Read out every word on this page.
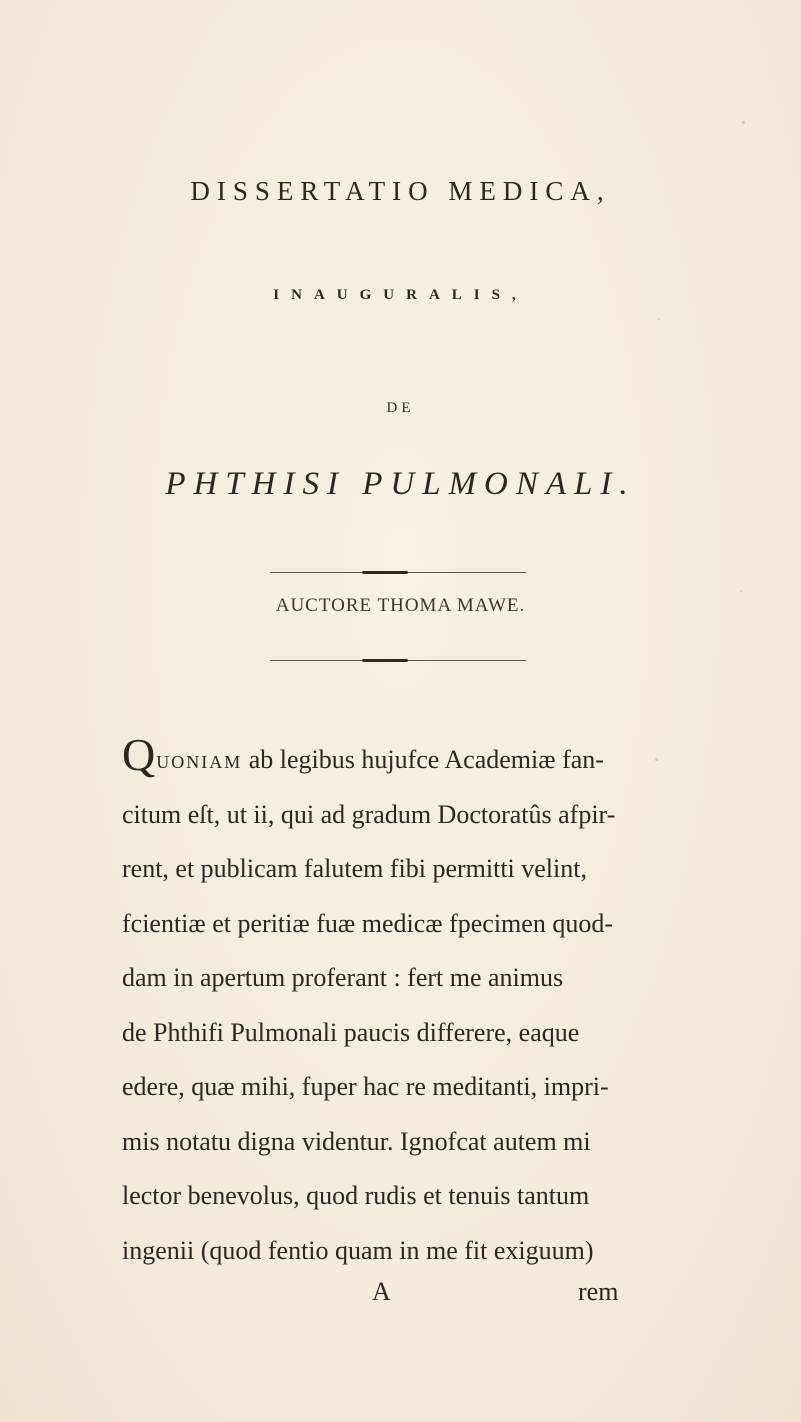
DISSERTATIO MEDICA,
INAUGURALIS,
DE
PHTHISI PULMONALI.
AUCTORE THOMA MAWE.
QUONIAM ab legibus hujufce Academiæ fan-
citum eſt, ut ii, qui ad gradum Doctoratûs afpir-
rent, et publicam falutem fibi permitti velint,
fcientiæ et peritiæ fuæ medicæ fpecimen quod-
dam in apertum proferant : fert me animus
de Phthifi Pulmonali paucis differere, eaque
edere, quæ mihi, fuper hac re meditanti, impri-
mis notatu digna videntur. Ignofcat autem mi
lector benevolus, quod rudis et tenuis tantum
ingenii (quod fentio quam in me fit exiguum)
A	rem
